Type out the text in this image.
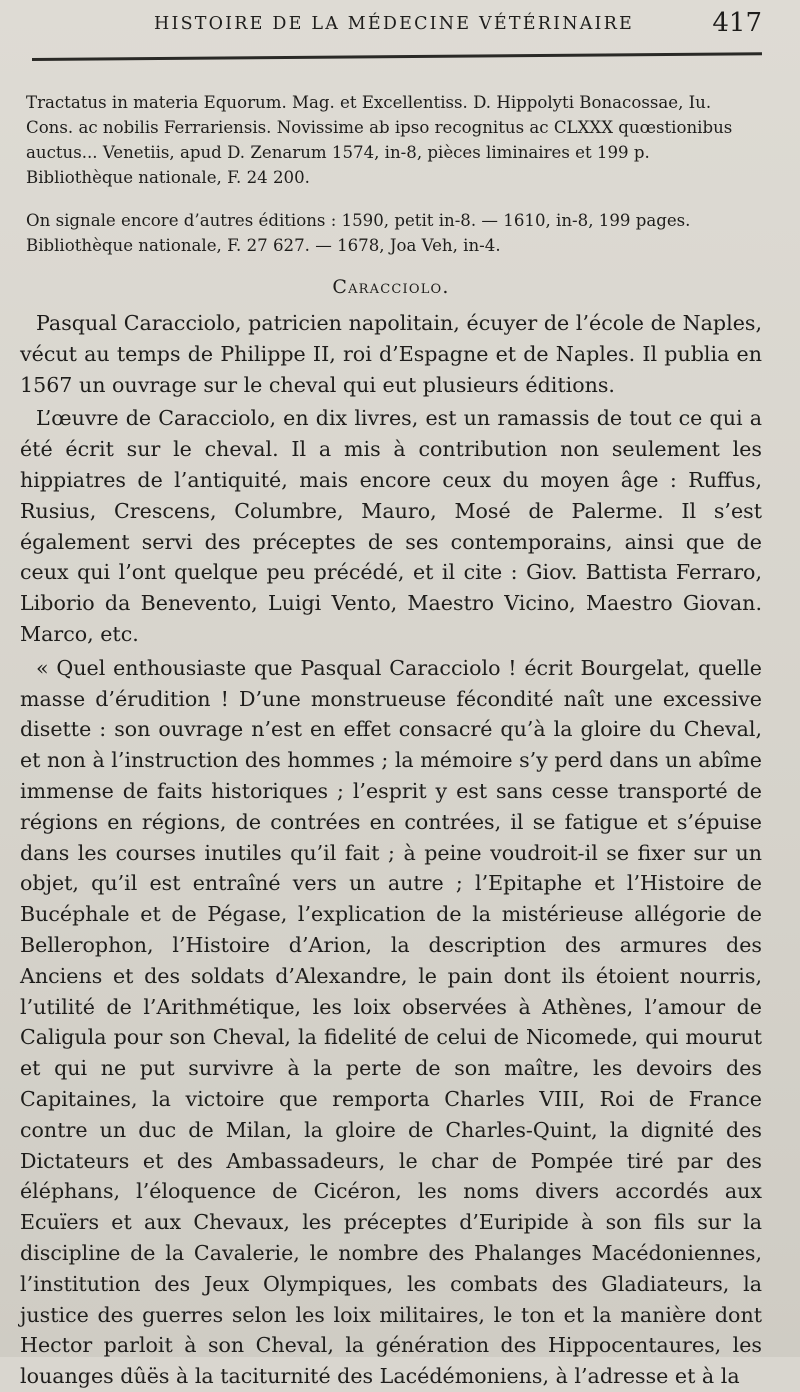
HISTOIRE DE LA MÉDECINE VÉTÉRINAIRE	417

Tractatus in materia Equorum. Mag. et Excellentiss. D. Hippolyti Bonacossae, Iu. Cons. ac nobilis Ferrariensis. Novissime ab ipso recognitus ac CLXXX quœstionibus auctus... Venetiis, apud D. Zenarum 1574, in-8, pièces liminaires et 199 p. Bibliothèque nationale, F. 24 200.

On signale encore d’autres éditions : 1590, petit in-8. — 1610, in-8, 199 pages. Bibliothèque nationale, F. 27 627. — 1678, Joa Veh, in-4.

Caracciolo.

Pasqual Caracciolo, patricien napolitain, écuyer de l’école de Naples, vécut au temps de Philippe II, roi d’Espagne et de Naples. Il publia en 1567 un ouvrage sur le cheval qui eut plusieurs éditions.

L’œuvre de Caracciolo, en dix livres, est un ramassis de tout ce qui a été écrit sur le cheval. Il a mis à contribution non seulement les hippiatres de l’antiquité, mais encore ceux du moyen âge : Ruffus, Rusius, Crescens, Columbre, Mauro, Mosé de Palerme. Il s’est également servi des préceptes de ses contemporains, ainsi que de ceux qui l’ont quelque peu précédé, et il cite : Giov. Battista Ferraro, Liborio da Benevento, Luigi Vento, Maestro Vicino, Maestro Giovan. Marco, etc.

« Quel enthousiaste que Pasqual Caracciolo ! écrit Bourgelat, quelle masse d’érudition ! D’une monstrueuse fécondité naît une excessive disette : son ouvrage n’est en effet consacré qu’à la gloire du Cheval, et non à l’instruction des hommes ; la mémoire s’y perd dans un abîme immense de faits historiques ; l’esprit y est sans cesse transporté de régions en régions, de contrées en contrées, il se fatigue et s’épuise dans les courses inutiles qu’il fait ; à peine voudroit-il se fixer sur un objet, qu’il est entraîné vers un autre ; l’Epitaphe et l’Histoire de Bucéphale et de Pégase, l’explication de la mistérieuse allégorie de Bellerophon, l’Histoire d’Arion, la description des armures des Anciens et des soldats d’Alexandre, le pain dont ils étoient nourris, l’utilité de l’Arithmétique, les loix observées à Athènes, l’amour de Caligula pour son Cheval, la fidelité de celui de Nicomede, qui mourut et qui ne put survivre à la perte de son maître, les devoirs des Capitaines, la victoire que remporta Charles VIII, Roi de France contre un duc de Milan, la gloire de Charles-Quint, la dignité des Dictateurs et des Ambassadeurs, le char de Pompée tiré par des éléphans, l’éloquence de Cicéron, les noms divers accordés aux Ecuïers et aux Chevaux, les préceptes d’Euripide à son fils sur la discipline de la Cavalerie, le nombre des Phalanges Macédoniennes, l’institution des Jeux Olympiques, les combats des Gladiateurs, la justice des guerres selon les loix militaires, le ton et la manière dont Hector parloit à son Cheval, la génération des Hippocentaures, les louanges dûës à la taciturnité des Lacédémoniens, à l’adresse et à la
